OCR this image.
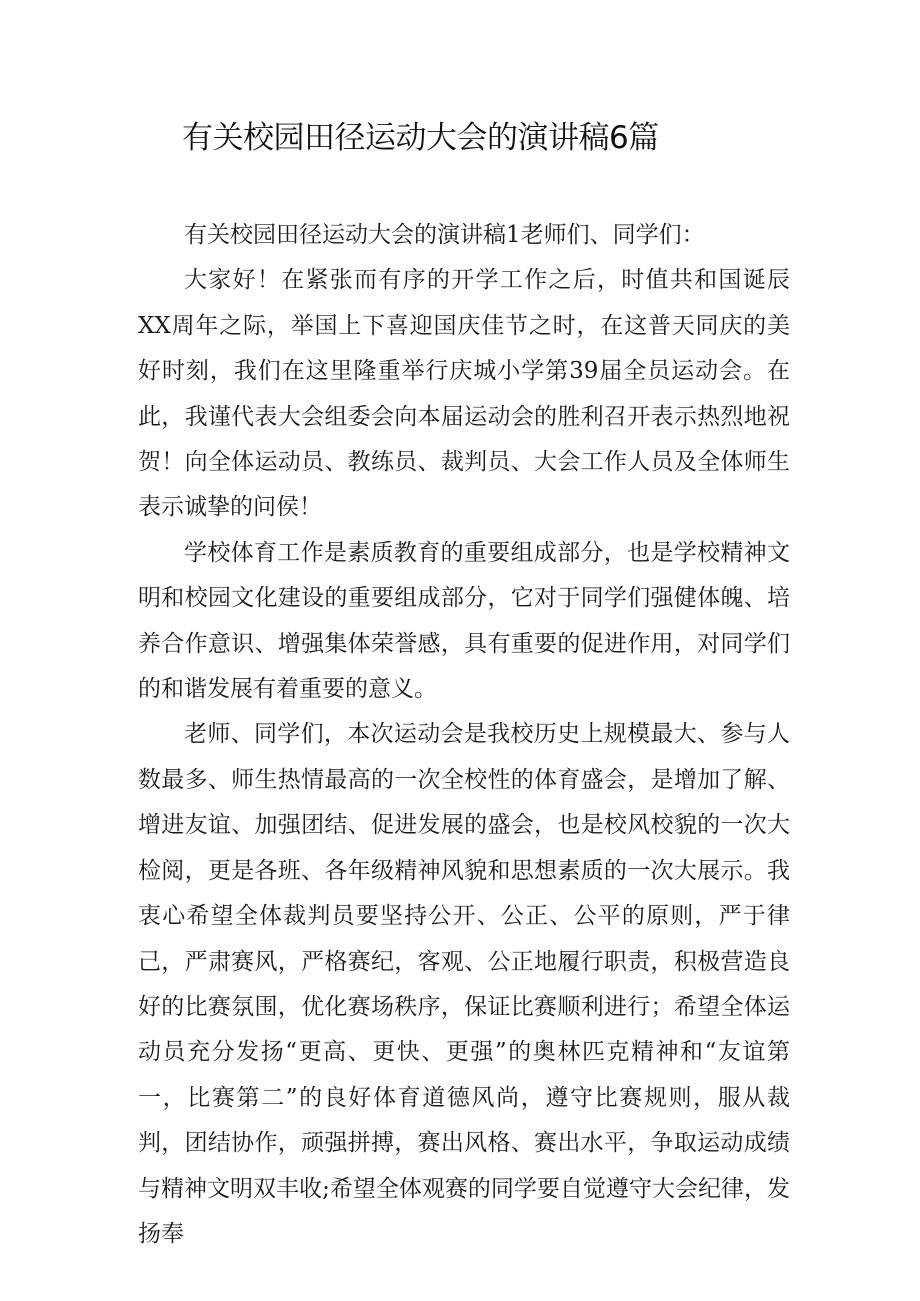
有关校园田径运动大会的演讲稿6篇

有关校园田径运动大会的演讲稿1老师们、同学们：

大家好！在紧张而有序的开学工作之后，时值共和国诞辰XX周年之际，举国上下喜迎国庆佳节之时，在这普天同庆的美好时刻，我们在这里隆重举行庆城小学第39届全员运动会。在此，我谨代表大会组委会向本届运动会的胜利召开表示热烈地祝贺！向全体运动员、教练员、裁判员、大会工作人员及全体师生表示诚挚的问侯！

学校体育工作是素质教育的重要组成部分，也是学校精神文明和校园文化建设的重要组成部分，它对于同学们强健体魄、培养合作意识、增强集体荣誉感，具有重要的促进作用，对同学们的和谐发展有着重要的意义。

老师、同学们，本次运动会是我校历史上规模最大、参与人数最多、师生热情最高的一次全校性的体育盛会，是增加了解、增进友谊、加强团结、促进发展的盛会，也是校风校貌的一次大检阅，更是各班、各年级精神风貌和思想素质的一次大展示。我衷心希望全体裁判员要坚持公开、公正、公平的原则，严于律己，严肃赛风，严格赛纪，客观、公正地履行职责，积极营造良好的比赛氛围，优化赛场秩序，保证比赛顺利进行；希望全体运动员充分发扬“更高、更快、更强”的奥林匹克精神和“友谊第一，比赛第二”的良好体育道德风尚，遵守比赛规则，服从裁判，团结协作，顽强拼搏，赛出风格、赛出水平，争取运动成绩与精神文明双丰收;希望全体观赛的同学要自觉遵守大会纪律，发扬奉
